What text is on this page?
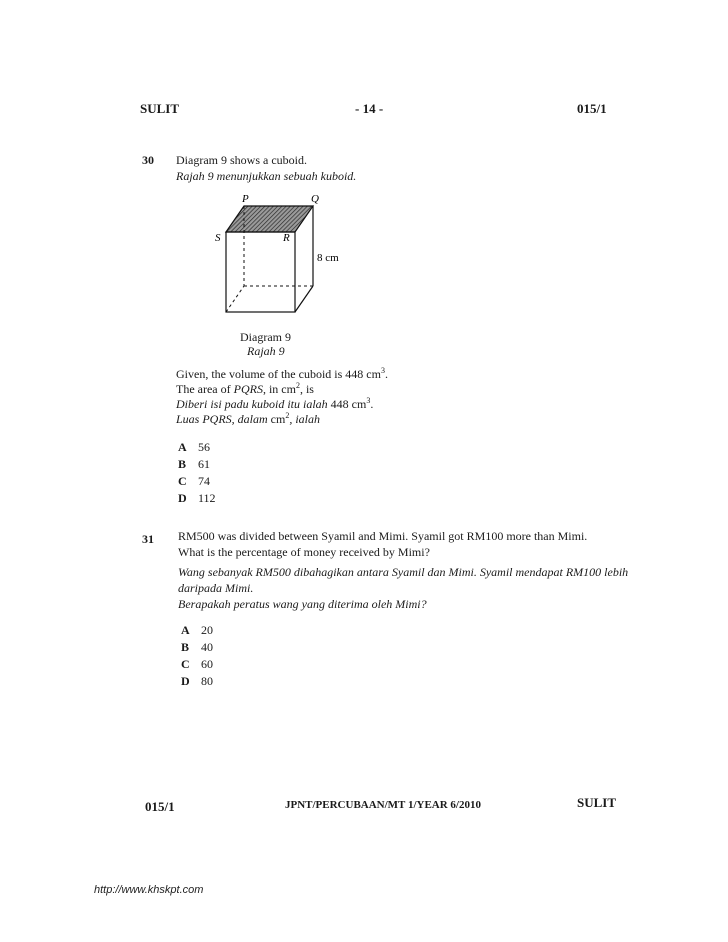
SULIT	- 14 -	015/1
30 Diagram 9 shows a cuboid.
Rajah 9 menunjukkan sebuah kuboid.
P	Q
S	R
8 cm
Diagram 9
Rajah 9
Given, the volume of the cuboid is 448 $cm^3$.
The area of PQRS, in $cm^2$, is
Diberi isi padu kuboid itu ialah 448 $cm^3$.
Luas PQRS, dalam $cm^2$, ialah
A 56
B 61
C 74
D 112
31 RM500 was divided between Syamil and Mimi. Syamil got RM100 more than Mimi.
What is the percentage of money received by Mimi?
Wang sebanyak RM500 dibahagikan antara Syamil dan Mimi. Syamil mendapat RM100 lebih
daripada Mimi.
Berapakah peratus wang yang diterima oleh Mimi?
A 20
B 40
C 60
D 80
015/1	JPNT/PERCUBAAN/MT 1/YEAR 6/2010	SULIT
http://www.khskpt.com
